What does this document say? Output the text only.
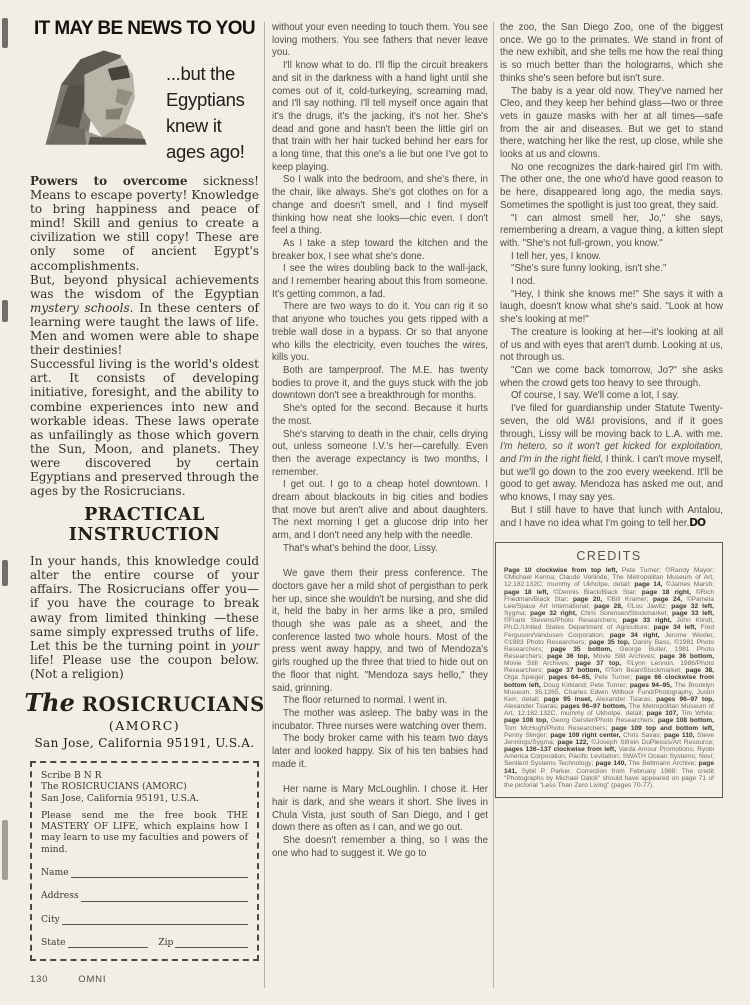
IT MAY BE NEWS TO YOU
...but the
Egyptians
knew it
ages ago!

Powers to overcome sickness! Means to escape poverty! Knowledge to bring happiness and peace of mind! Skill and genius to create a civilization we still copy! These are only some of ancient Egypt's accomplishments.

But, beyond physical achievements was the wisdom of the Egyptian mystery schools. In these centers of learning were taught the laws of life. Men and women were able to shape their destinies!

Successful living is the world's oldest art. It consists of developing initiative, foresight, and the ability to combine experiences into new and workable ideas. These laws operate as unfailingly as those which govern the Sun, Moon, and planets. They were discovered by certain Egyptians and preserved through the ages by the Rosicrucians.

PRACTICAL
INSTRUCTION

In your hands, this knowledge could alter the entire course of your affairs. The Rosicrucians offer you—if you have the courage to break away from limited thinking —these same simply expressed truths of life. Let this be the turning point in your life! Please use the coupon below. (Not a religion)

The ROSICRUCIANS
(AMORC)
San Jose, California 95191, U.S.A.
Scribe B N R
The ROSICRUCIANS (AMORC)
San Jose, California 95191, U.S.A.
Please send me the free book THE MASTERY OF LIFE, which explains how I may learn to use my faculties and powers of mind.
Name
Address
City
State	Zip
130	OMNI

without your even needing to touch them. You see loving mothers. You see fathers that never leave you.

I'll know what to do. I'll flip the circuit breakers and sit in the darkness with a hand light until she comes out of it, cold-turkeying, screaming mad, and I'll say nothing. I'll tell myself once again that it's the drugs, it's the jacking, it's not her. She's dead and gone and hasn't been the little girl on that train with her hair tucked behind her ears for a long time, that this one's a lie but one I've got to keep playing.

So I walk into the bedroom, and she's there, in the chair, like always. She's got clothes on for a change and doesn't smell, and I find myself thinking how neat she looks—chic even. I don't feel a thing.

As I take a step toward the kitchen and the breaker box, I see what she's done.

I see the wires doubling back to the wall-jack, and I remember hearing about this from someone. It's getting common, a fad.

There are two ways to do it. You can rig it so that anyone who touches you gets ripped with a treble wall dose in a bypass. Or so that anyone who kills the electricity, even touches the wires, kills you.

Both are tamperproof. The M.E. has twenty bodies to prove it, and the guys stuck with the job downtown don't see a breakthrough for months.

She's opted for the second. Because it hurts the most.

She's starving to death in the chair, cells drying out, unless someone I.V.'s her—carefully. Even then the average expectancy is two months, I remember.

I get out. I go to a cheap hotel downtown. I dream about blackouts in big cities and bodies that move but aren't alive and about daughters. The next morning I get a glucose drip into her arm, and I don't need any help with the needle.

That's what's behind the door, Lissy.

We gave them their press conference. The doctors gave her a mild shot of pergisthan to perk her up, since she wouldn't be nursing, and she did it, held the baby in her arms like a pro, smiled though she was pale as a sheet, and the conference lasted two whole hours. Most of the press went away happy, and two of Mendoza's girls roughed up the three that tried to hide out on the floor that night. "Mendoza says hello," they said, grinning.

The floor returned to normal. I went in.

The mother was asleep. The baby was in the incubator. Three nurses were watching over them.

The body broker came with his team two days later and looked happy. Six of his ten babies had made it.

Her name is Mary McLoughlin. I chose it. Her hair is dark, and she wears it short. She lives in Chula Vista, just south of San Diego, and I get down there as often as I can, and we go out.

She doesn't remember a thing, so I was the one who had to suggest it. We go to

the zoo, the San Diego Zoo, one of the biggest once. We go to the primates. We stand in front of the new exhibit, and she tells me how the real thing is so much better than the holograms, which she thinks she's seen before but isn't sure.

The baby is a year old now. They've named her Cleo, and they keep her behind glass—two or three vets in gauze masks with her at all times—safe from the air and diseases. But we get to stand there, watching her like the rest, up close, while she looks at us and clowns.

No one recognizes the dark-haired girl I'm with. The other one, the one who'd have good reason to be here, disappeared long ago, the media says. Sometimes the spotlight is just too great, they said.

"I can almost smell her, Jo," she says, remembering a dream, a vague thing, a kitten slept with. "She's not full-grown, you know."

I tell her, yes, I know.

"She's sure funny looking, isn't she."

I nod.

"Hey, I think she knows me!" She says it with a laugh, doesn't know what she's said. "Look at how she's looking at me!"

The creature is looking at her—it's looking at all of us and with eyes that aren't dumb. Looking at us, not through us.

"Can we come back tomorrow, Jo?" she asks when the crowd gets too heavy to see through.

Of course, I say. We'll come a lot, I say.

I've filed for guardianship under Statute Twenty-seven, the old W&I provisions, and if it goes through, Lissy will be moving back to L.A. with me. I'm hetero, so it won't get kicked for exploitation, and I'm in the right field, I think. I can't move myself, but we'll go down to the zoo every weekend. It'll be good to get away. Mendoza has asked me out, and who knows, I may say yes.

But I still have to have that lunch with Antalou, and I have no idea what I'm going to tell her.DO

CREDITS

Page 10 clockwise from top left, Pete Turner; ©Randy Mayor; ©Michael Kenna; Claude Verlinde; The Metropolitan Museum of Art, 12.182.132C; mummy of Ukhotpe, detail; page 14, ©James Marsh; page 18 left, ©Dennis Black/Black Star; page 18 right, ©Rich Friedman/Black Star; page 20, ©Bill Kramer; page 24, ©Pamela Lee/Space Art International; page 28, ©Lou Jawitz; page 32 left, Sygma; page 32 right, Chris Sorensen/Stockmarket; page 33 left, ©Frank Stevens/Photo Researchers; page 33 right, John Klindt, Ph.D./United States Department of Agriculture; page 34 left, Fred Ferguson/Vandusen Corporation; page 34 right, Jerome Wexler, ©1983 Photo Researchers; page 35 top, Danny Bass, ©1981 Photo Researchers; page 35 bottom, George Butler, 1981 Photo Researchers; page 36 top, Movie Still Archives; page 36 bottom, Movie Still Archives; page 37 top, ©Lynn Lennon, 1986/Photo Researchers; page 37 bottom, ©Tom Bean/Stockmarket; page 38, Olga Spiegel; pages 64–65, Pete Turner; page 66 clockwise from bottom left, Doug Kirkland; Pete Turner; pages 94–95, The Brooklyn Museum, 35.1265, Charles Edwin Wilbour Fund/Photography, Justin Kerr, detail; page 95 inset, Alexander Tsiaras; pages 96–97 top, Alexander Tsiaras; pages 96–97 bottom, The Metropolitan Museum of Art, 12.182.132C, mummy of Ukhotpe, detail; page 107, Tim White; page 108 top, Georg Gerster/Photo Researchers; page 108 bottom, Tom McHugh/Photo Researchers; page 109 top and bottom left, Penny Slinger; page 109 right center, Chris Savas; page 110, Steve Jennings/Sygma; page 122, ©Joseph Sifrein DuPlessis/Art Resource; pages 136–137 clockwise from left, Varda Amour Promotions; Ryobi America Corporation; Pacific Levitation; SWATH Ocean Systems; Novi; Sentient Systems Technology; page 140, The Bettmann Archive; page 141, Sybil P. Parker. Correction from February 1988: The credit "Photographs by Michael Datoli" should have appeared on page 71 of the pictorial "Less Than Zero Living" (pages 70-77).
